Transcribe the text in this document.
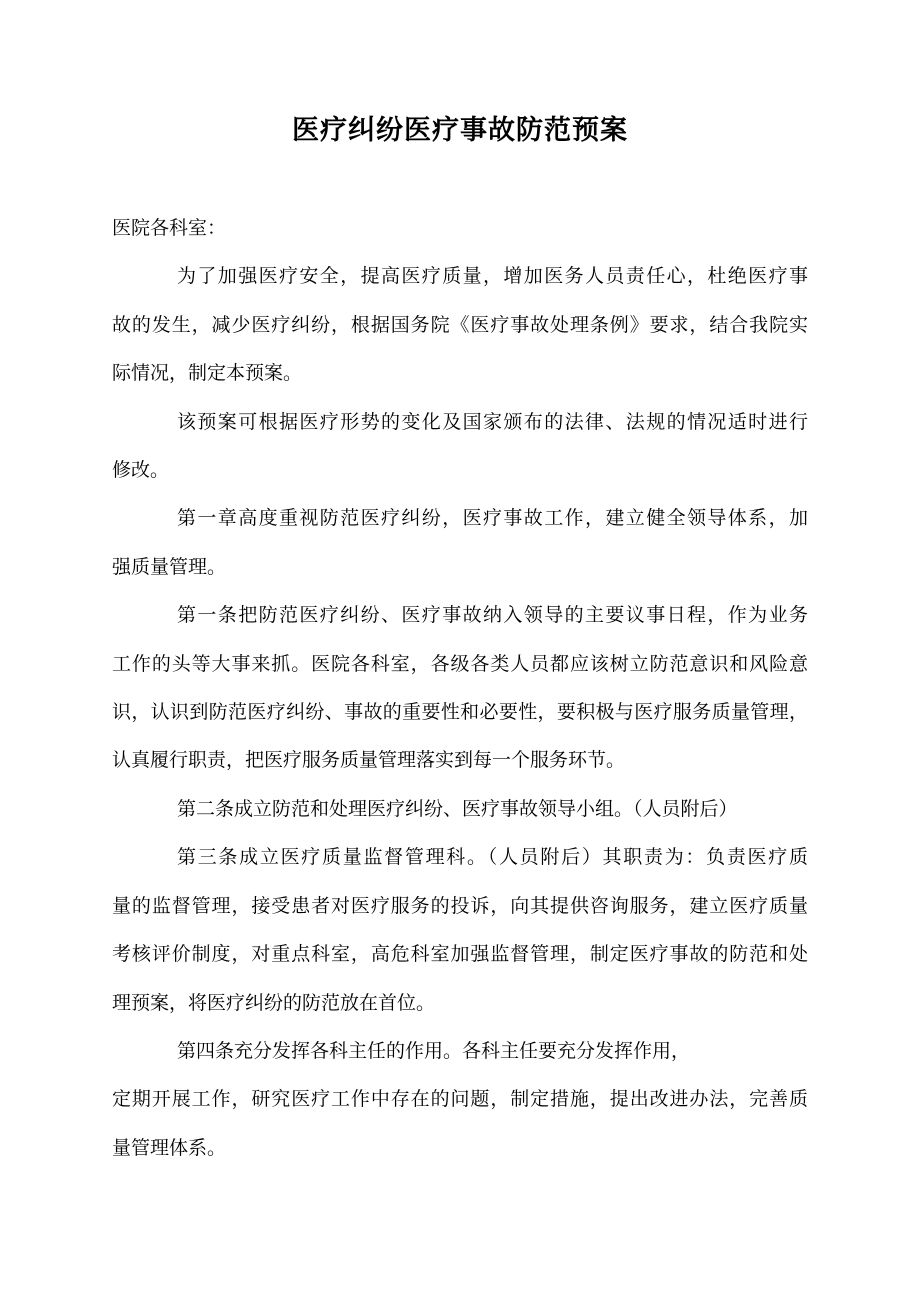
医疗纠纷医疗事故防范预案
医院各科室：
为了加强医疗安全，提高医疗质量，增加医务人员责任心，杜绝医疗事
故的发生，减少医疗纠纷，根据国务院《医疗事故处理条例》要求，结合我院实
际情况，制定本预案。
该预案可根据医疗形势的变化及国家颁布的法律、法规的情况适时进行
修改。
第一章高度重视防范医疗纠纷，医疗事故工作，建立健全领导体系，加
强质量管理。
第一条把防范医疗纠纷、医疗事故纳入领导的主要议事日程，作为业务
工作的头等大事来抓。医院各科室，各级各类人员都应该树立防范意识和风险意
识，认识到防范医疗纠纷、事故的重要性和必要性，要积极与医疗服务质量管理，
认真履行职责，把医疗服务质量管理落实到每一个服务环节。
第二条成立防范和处理医疗纠纷、医疗事故领导小组。（人员附后）
第三条成立医疗质量监督管理科。（人员附后）其职责为：负责医疗质
量的监督管理，接受患者对医疗服务的投诉，向其提供咨询服务，建立医疗质量
考核评价制度，对重点科室，高危科室加强监督管理，制定医疗事故的防范和处
理预案，将医疗纠纷的防范放在首位。
第四条充分发挥各科主任的作用。各科主任要充分发挥作用，
定期开展工作，研究医疗工作中存在的问题，制定措施，提出改进办法，完善质
量管理体系。
